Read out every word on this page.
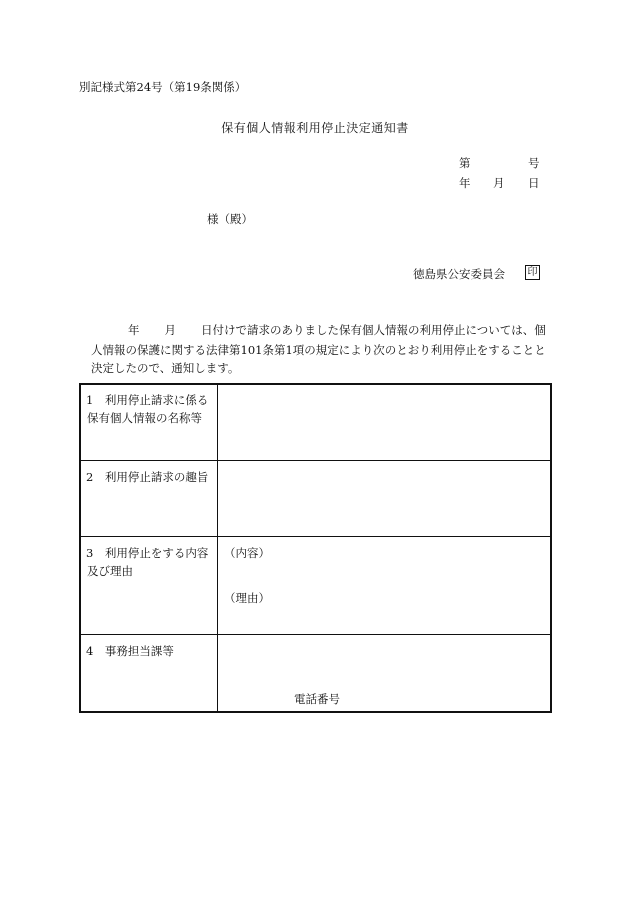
別記様式第24号（第19条関係）
保有個人情報利用停止決定通知書
第	号
年 月 日
様（殿）
徳島県公安委員会 印
年 月 日付けで請求のありました保有個人情報の利用停止については、個
人情報の保護に関する法律第101条第1項の規定により次のとおり利用停止をすることと
決定したので、通知します。
1　利用停止請求に係る
保有個人情報の名称等
2　利用停止請求の趣旨
3　利用停止をする内容
及び理由
（内容）
（理由）
4　事務担当課等
電話番号
